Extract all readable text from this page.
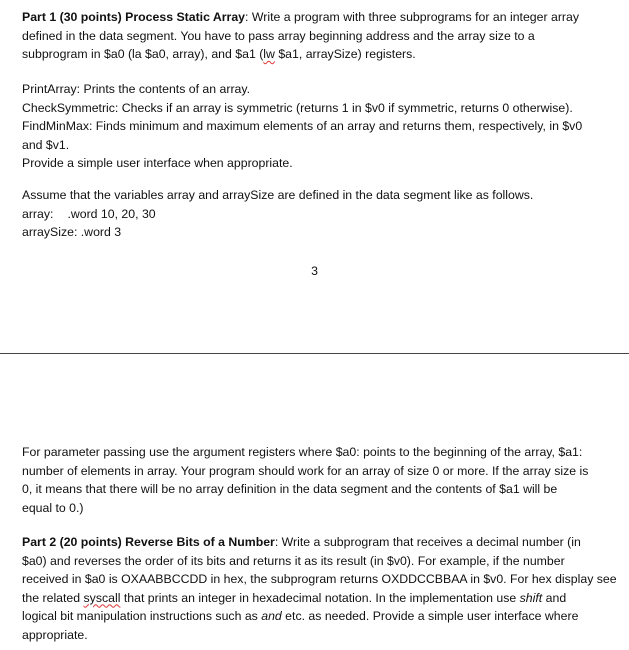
Part 1 (30 points) Process Static Array: Write a program with three subprograms for an integer array
defined in the data segment. You have to pass array beginning address and the array size to a
subprogram in $a0 (la $a0, array), and $a1 (lw $a1, arraySize) registers.

PrintArray: Prints the contents of an array.
CheckSymmetric: Checks if an array is symmetric (returns 1 in $v0 if symmetric, returns 0 otherwise).
FindMinMax: Finds minimum and maximum elements of an array and returns them, respectively, in $v0
and $v1.
Provide a simple user interface when appropriate.

Assume that the variables array and arraySize are defined in the data segment like as follows.
array: .word 10, 20, 30
arraySize: .word 3

3

For parameter passing use the argument registers where $a0: points to the beginning of the array, $a1:
number of elements in array. Your program should work for an array of size 0 or more. If the array size is
0, it means that there will be no array definition in the data segment and the contents of $a1 will be
equal to 0.)

Part 2 (20 points) Reverse Bits of a Number: Write a subprogram that receives a decimal number (in
$a0) and reverses the order of its bits and returns it as its result (in $v0). For example, if the number
received in $a0 is OXAABBCCDD in hex, the subprogram returns OXDDCCBBAA in $v0. For hex display see
the related syscall that prints an integer in hexadecimal notation. In the implementation use shift and
logical bit manipulation instructions such as and etc. as needed. Provide a simple user interface where
appropriate.
